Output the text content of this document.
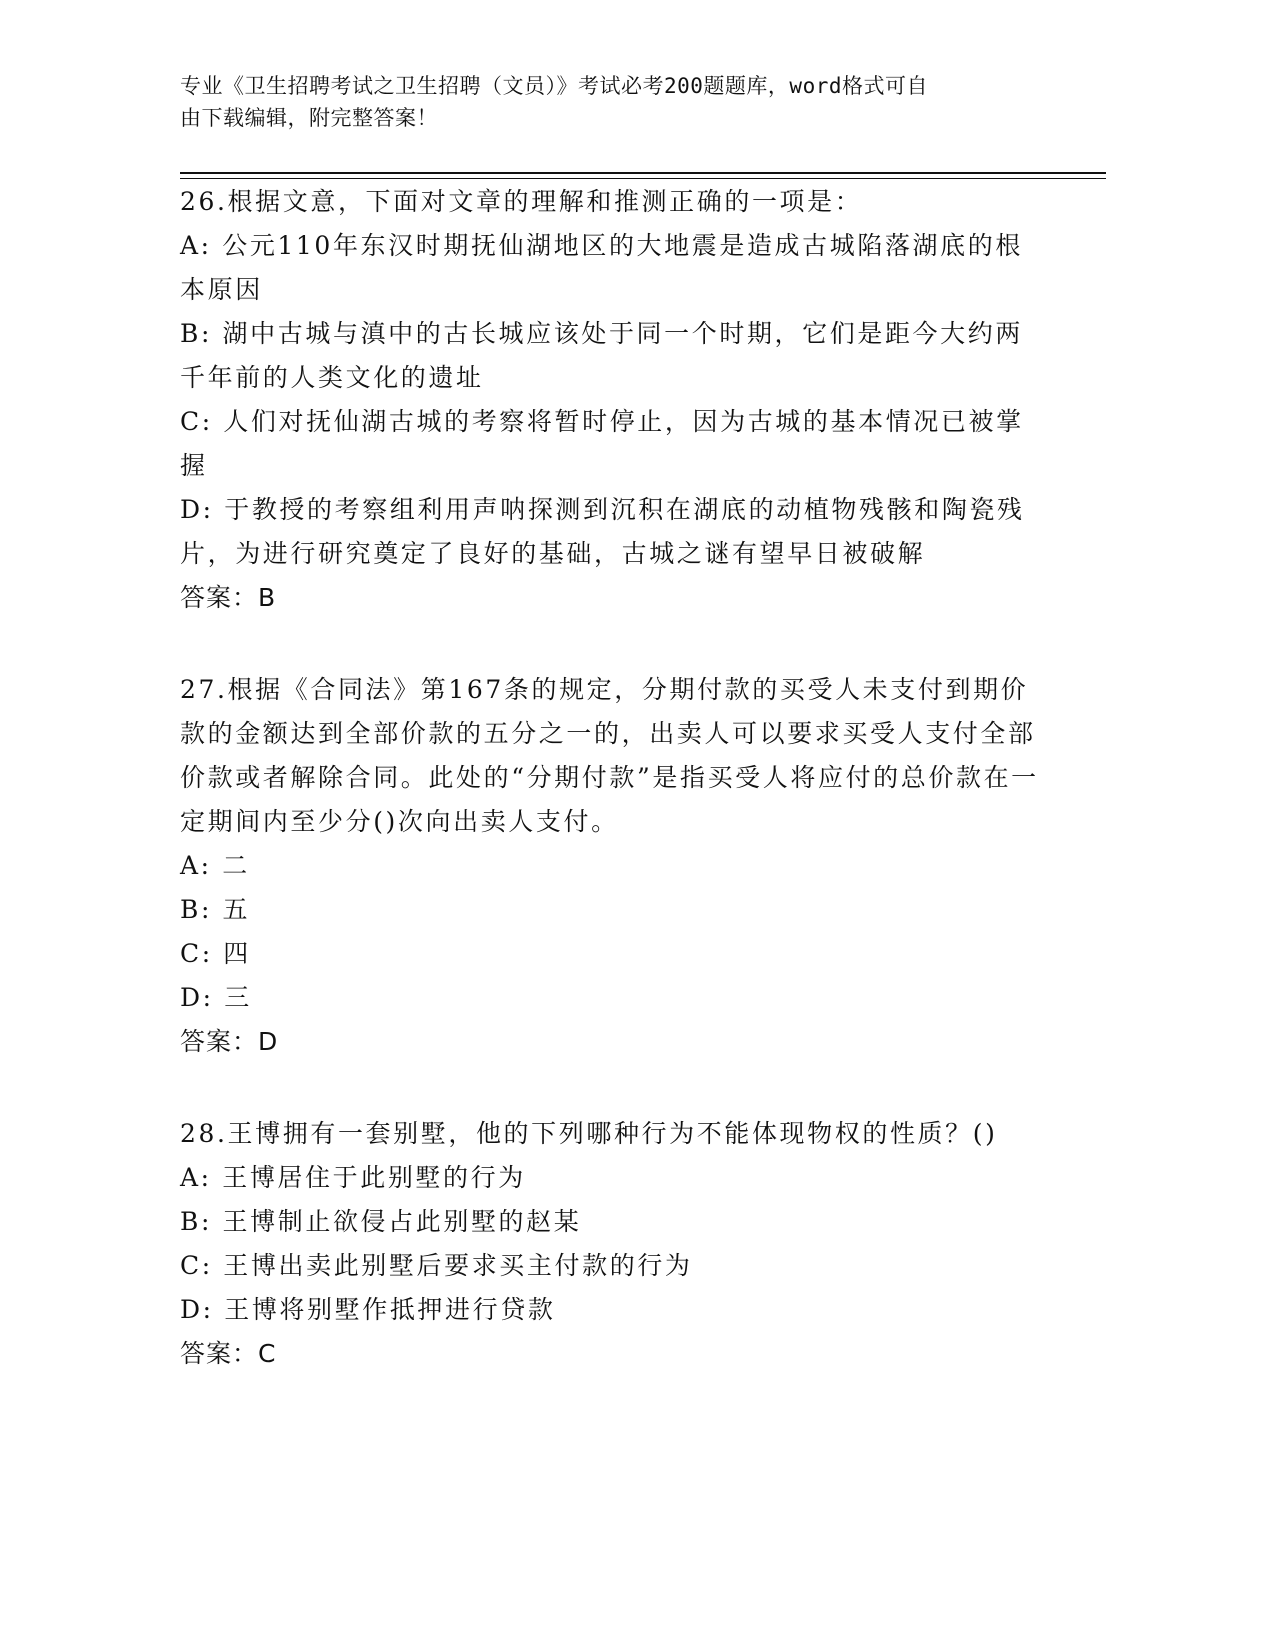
专业《卫生招聘考试之卫生招聘（文员）》考试必考200题题库，word格式可自
由下载编辑，附完整答案！

26.根据文意，下面对文章的理解和推测正确的一项是：

A: 公元110年东汉时期抚仙湖地区的大地震是造成古城陷落湖底的根本原因

B: 湖中古城与滇中的古长城应该处于同一个时期，它们是距今大约两千年前的人类文化的遗址

C: 人们对抚仙湖古城的考察将暂时停止，因为古城的基本情况已被掌握

D: 于教授的考察组利用声呐探测到沉积在湖底的动植物残骸和陶瓷残片，为进行研究奠定了良好的基础，古城之谜有望早日被破解

答案：B

27.根据《合同法》第167条的规定，分期付款的买受人未支付到期价款的金额达到全部价款的五分之一的，出卖人可以要求买受人支付全部价款或者解除合同。此处的“分期付款”是指买受人将应付的总价款在一定期间内至少分()次向出卖人支付。

A: 二

B: 五

C: 四

D: 三

答案：D

28.王博拥有一套别墅，他的下列哪种行为不能体现物权的性质？()

A: 王博居住于此别墅的行为

B: 王博制止欲侵占此别墅的赵某

C: 王博出卖此别墅后要求买主付款的行为

D: 王博将别墅作抵押进行贷款

答案：C
